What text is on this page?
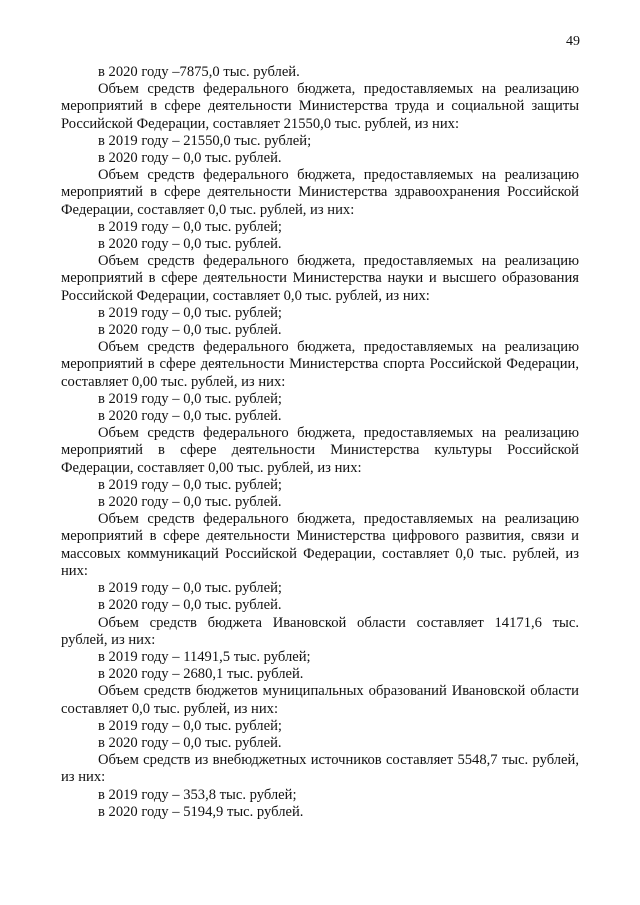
49

в 2020 году –7875,0 тыс. рублей.

Объем средств федерального бюджета, предоставляемых на реализацию мероприятий в сфере деятельности Министерства труда и социальной защиты Российской Федерации, составляет 21550,0 тыс. рублей, из них:

в 2019 году – 21550,0 тыс. рублей;

в 2020 году – 0,0 тыс. рублей.

Объем средств федерального бюджета, предоставляемых на реализацию мероприятий в сфере деятельности Министерства здравоохранения Российской Федерации, составляет 0,0 тыс. рублей, из них:

в 2019 году – 0,0 тыс. рублей;

в 2020 году – 0,0 тыс. рублей.

Объем средств федерального бюджета, предоставляемых на реализацию мероприятий в сфере деятельности Министерства науки и высшего образования Российской Федерации, составляет 0,0 тыс. рублей, из них:

в 2019 году – 0,0 тыс. рублей;

в 2020 году – 0,0 тыс. рублей.

Объем средств федерального бюджета, предоставляемых на реализацию мероприятий в сфере деятельности Министерства спорта Российской Федерации, составляет 0,00 тыс. рублей, из них:

в 2019 году – 0,0 тыс. рублей;

в 2020 году – 0,0 тыс. рублей.

Объем средств федерального бюджета, предоставляемых на реализацию мероприятий в сфере деятельности Министерства культуры Российской Федерации, составляет 0,00 тыс. рублей, из них:

в 2019 году – 0,0 тыс. рублей;

в 2020 году – 0,0 тыс. рублей.

Объем средств федерального бюджета, предоставляемых на реализацию мероприятий в сфере деятельности Министерства цифрового развития, связи и массовых коммуникаций Российской Федерации, составляет 0,0 тыс. рублей, из них:

в 2019 году – 0,0 тыс. рублей;

в 2020 году – 0,0 тыс. рублей.

Объем средств бюджета Ивановской области составляет 14171,6 тыс. рублей, из них:

в 2019 году – 11491,5 тыс. рублей;

в 2020 году – 2680,1 тыс. рублей.

Объем средств бюджетов муниципальных образований Ивановской области составляет 0,0 тыс. рублей, из них:

в 2019 году – 0,0 тыс. рублей;

в 2020 году – 0,0 тыс. рублей.

Объем средств из внебюджетных источников составляет 5548,7 тыс. рублей, из них:

в 2019 году – 353,8 тыс. рублей;

в 2020 году – 5194,9 тыс. рублей.
